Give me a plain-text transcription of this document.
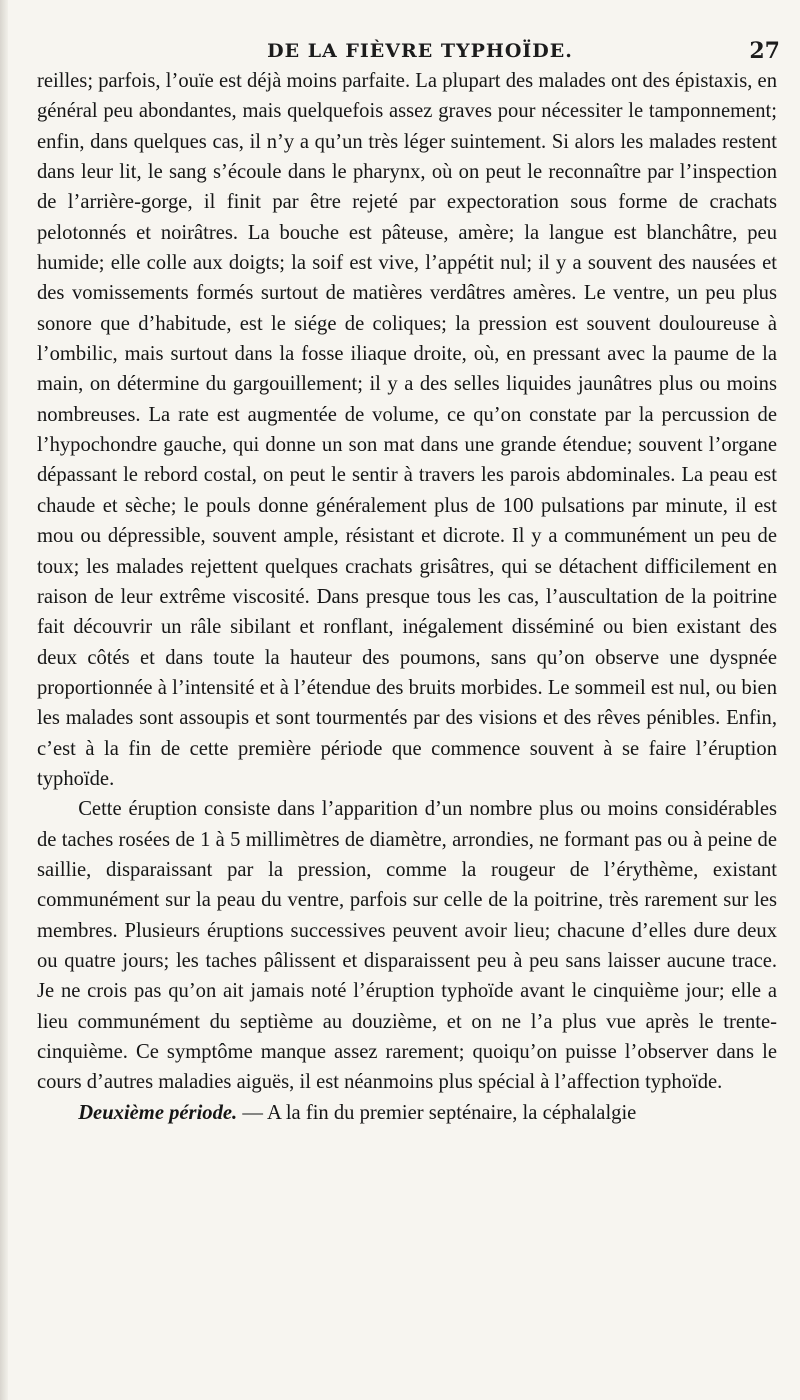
DE LA FIÈVRE TYPHOÏDE.	27

reilles; parfois, l’ouïe est déjà moins parfaite. La plupart des malades ont des épistaxis, en général peu abondantes, mais quelquefois assez graves pour nécessiter le tamponnement; enfin, dans quelques cas, il n’y a qu’un très léger suintement. Si alors les malades restent dans leur lit, le sang s’écoule dans le pharynx, où on peut le reconnaître par l’inspection de l’arrière-gorge, il finit par être rejeté par expectoration sous forme de crachats pelotonnés et noirâtres. La bouche est pâteuse, amère; la langue est blanchâtre, peu humide; elle colle aux doigts; la soif est vive, l’appétit nul; il y a souvent des nausées et des vomissements formés surtout de matières verdâtres amères. Le ventre, un peu plus sonore que d’habitude, est le siége de coliques; la pression est souvent douloureuse à l’ombilic, mais surtout dans la fosse iliaque droite, où, en pressant avec la paume de la main, on détermine du gargouillement; il y a des selles liquides jaunâtres plus ou moins nombreuses. La rate est augmentée de volume, ce qu’on constate par la percussion de l’hypochondre gauche, qui donne un son mat dans une grande étendue; souvent l’organe dépassant le rebord costal, on peut le sentir à travers les parois abdominales. La peau est chaude et sèche; le pouls donne généralement plus de 100 pulsations par minute, il est mou ou dépressible, souvent ample, résistant et dicrote. Il y a communément un peu de toux; les malades rejettent quelques crachats grisâtres, qui se détachent difficilement en raison de leur extrême viscosité. Dans presque tous les cas, l’auscultation de la poitrine fait découvrir un râle sibilant et ronflant, inégalement disséminé ou bien existant des deux côtés et dans toute la hauteur des poumons, sans qu’on observe une dyspnée proportionnée à l’intensité et à l’étendue des bruits morbides. Le sommeil est nul, ou bien les malades sont assoupis et sont tourmentés par des visions et des rêves pénibles. Enfin, c’est à la fin de cette première période que commence souvent à se faire l’éruption typhoïde.

Cette éruption consiste dans l’apparition d’un nombre plus ou moins considérables de taches rosées de 1 à 5 millimètres de diamètre, arrondies, ne formant pas ou à peine de saillie, disparaissant par la pression, comme la rougeur de l’érythème, existant communément sur la peau du ventre, parfois sur celle de la poitrine, très rarement sur les membres. Plusieurs éruptions successives peuvent avoir lieu; chacune d’elles dure deux ou quatre jours; les taches pâlissent et disparaissent peu à peu sans laisser aucune trace. Je ne crois pas qu’on ait jamais noté l’éruption typhoïde avant le cinquième jour; elle a lieu communément du septième au douzième, et on ne l’a plus vue après le trente-cinquième. Ce symptôme manque assez rarement; quoiqu’on puisse l’observer dans le cours d’autres maladies aiguës, il est néanmoins plus spécial à l’affection typhoïde.

Deuxième période. — A la fin du premier septénaire, la céphalalgie
